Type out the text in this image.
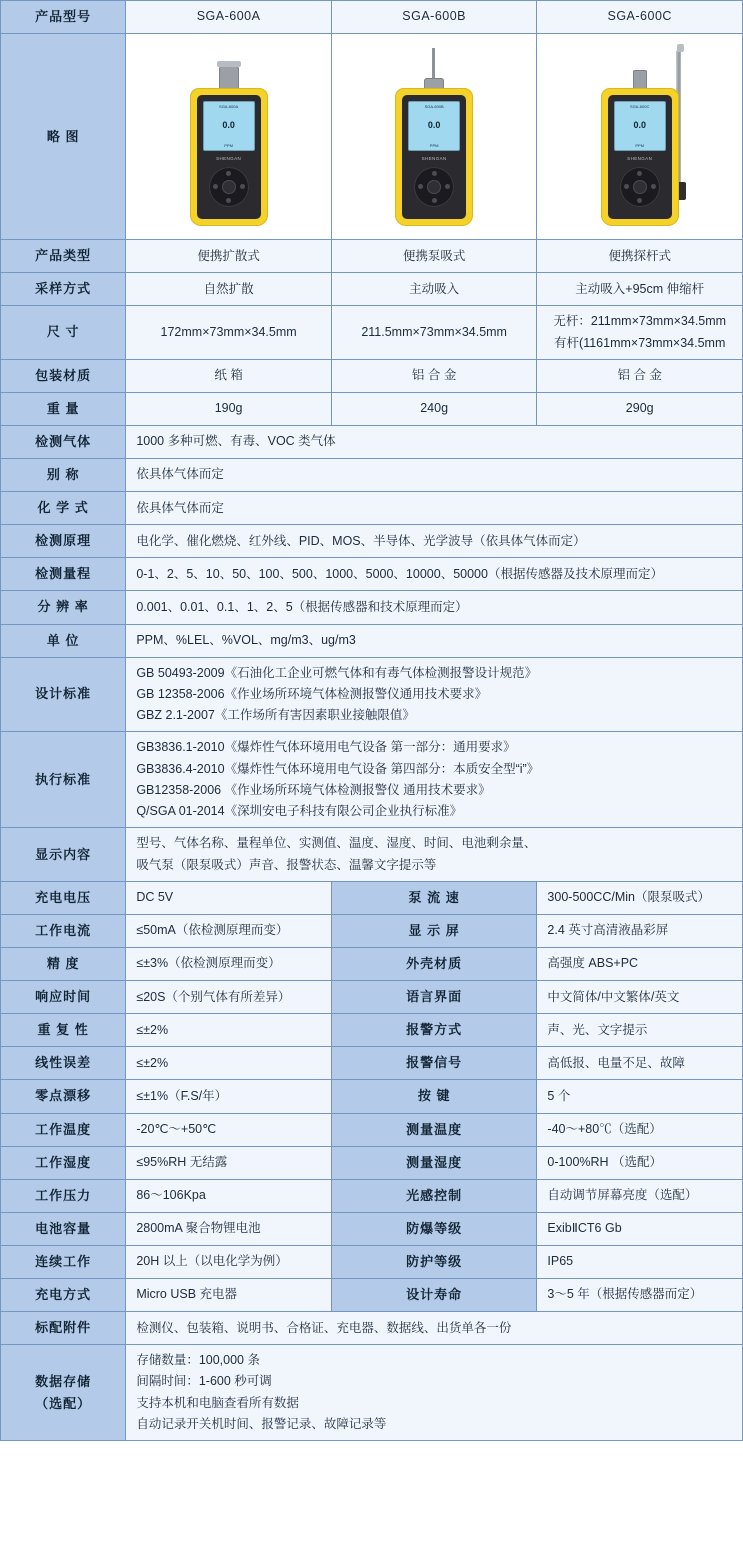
产品型号	SGA-600A	SGA-600B	SGA-600C
略 图	
SGA-600A
0.0
PPM
SHENGAN

SGA-600B
0.0
PPM
SHENGAN

SGA-600C
0.0
PPM
SHENGAN

产品类型	便携扩散式	便携泵吸式	便携探杆式
采样方式	自然扩散	主动吸入	主动吸入+95cm 伸缩杆
尺 寸	172mm×73mm×34.5mm	211.5mm×73mm×34.5mm	无杆：211mm×73mm×34.5mm
有杆(1161mm×73mm×34.5mm

包装材质	纸 箱	铝 合 金	铝 合 金
重 量	190g	240g	290g
检测气体	1000 多种可燃、有毒、VOC 类气体		
别 称	依具体气体而定		
化 学 式	依具体气体而定		
检测原理	电化学、催化燃烧、红外线、PID、MOS、半导体、光学波导（依具体气体而定）		
检测量程	0-1、2、5、10、50、100、500、1000、5000、10000、50000（根据传感器及技术原理而定）		
分 辨 率	0.001、0.01、0.1、1、2、5（根据传感器和技术原理而定）		
单 位	PPM、%LEL、%VOL、mg/m3、ug/m3		
设计标准	GB 50493-2009《石油化工企业可燃气体和有毒气体检测报警设计规范》
GB 12358-2006《作业场所环境气体检测报警仪通用技术要求》
GBZ 2.1-2007《工作场所有害因素职业接触限值》		

执行标准	GB3836.1-2010《爆炸性气体环境用电气设备 第一部分：通用要求》
GB3836.4-2010《爆炸性气体环境用电气设备 第四部分：本质安全型“i”》
GB12358-2006 《作业场所环境气体检测报警仪 通用技术要求》
Q/SGA 01-2014《深圳安电子科技有限公司企业执行标准》		

显示内容	型号、气体名称、量程单位、实测值、温度、湿度、时间、电池剩余量、
吸气泵（限泵吸式）声音、报警状态、温馨文字提示等		

充电电压	DC 5V	泵 流 速	300-500CC/Min（限泵吸式）
工作电流	≤50mA（依检测原理而变）	显 示 屏	2.4 英寸高清液晶彩屏
精 度	≤±3%（依检测原理而变）	外壳材质	高强度 ABS+PC
响应时间	≤20S（个别气体有所差异）	语言界面	中文简体/中文繁体/英文
重 复 性	≤±2%	报警方式	声、光、文字提示
线性误差	≤±2%	报警信号	高低报、电量不足、故障
零点漂移	≤±1%（F.S/年）	按 键	5 个
工作温度	-20℃～+50℃	测量温度	-40～+80℃（选配）
工作湿度	≤95%RH 无结露	测量湿度	0-100%RH （选配）
工作压力	86～106Kpa	光感控制	自动调节屏幕亮度（选配）
电池容量	2800mA 聚合物锂电池	防爆等级	ExibⅡCT6 Gb
连续工作	20H 以上（以电化学为例）	防护等级	IP65
充电方式	Micro USB 充电器	设计寿命	3～5 年（根据传感器而定）
标配附件	检测仪、包装箱、说明书、合格证、充电器、数据线、出货单各一份		

数据存储
（选配）

存储数量：100,000 条
间隔时间：1-600 秒可调
支持本机和电脑查看所有数据
自动记录开关机时间、报警记录、故障记录等
